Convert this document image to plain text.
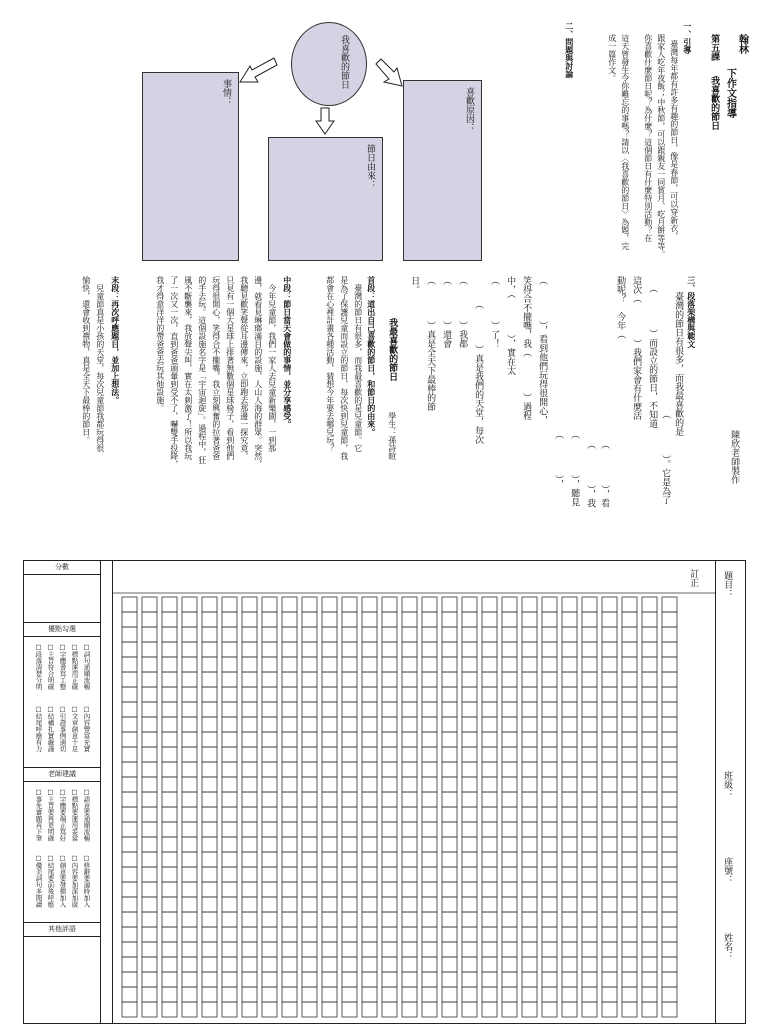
翰林
下作文指導
第五課
我喜歡的節日
一、引導
臺灣每年都有許多有趣的節日，像是春節，可以穿新衣，
跟家人吃年夜飯；中秋節，可以跟親友一同賞月、吃月餅等等。
你喜歡什麼節日呢？為什麼？這個節日有什麼特別活動？在
這天曾發生令你難忘的事嗎？請以〈我喜歡的節日〉為題，完
成一篇作文。
二、問題與討論
我喜歡的節日
事情：
節日由來：
喜歡原因：
三、段落架構與範文
臺灣的節日有很多，而我最喜歡的是
（　　　　）。它是為了
（　　　　）而設立的節日，不知道
這次（　　　　）我們家會有什麼活
動呢？　今年（
（　　　　），看
（　　　　），我
（　　　　），聽見
（　　　　），
（　　　　），看到他們玩得很開心，
笑得合不攏嘴，我（　　　　）過程
中，（　　　　），實在太
（　　　　）了！
（　　　　）真是我們的天堂，每次
（　　　　）我都
（　　　　）還會
（　　　　）真是全天下最棒的節
日。
我最喜歡的節日
學生：孫詩暄
首段：道出自己喜歡的節日，和節日的由來。
臺灣的節日有很多，而我最喜歡的是兒童節。它
是為了保護兒童而設立的節日，每次快到兒童節，我
都會在心裡計畫各種活動，猜想今年要去哪兒玩？
中段：節日當天會做的事情，並分享感受。
今年兒童節，我們一家人去兒童新樂園，一到那
邊，就看見琳瑯滿目的設施，人山人海的群眾。突然，
我聽見歡笑聲從耳邊傳來，立即跑去那邊一探究竟，
只見有一個大星球上排著無數個星球椅子，看到他們
玩得很開心，笑得合不攏嘴，我立刻興奮的拉著爸爸
的手去玩。這個設施名字是「宇宙迴旋」。過程中，狂
風不斷襲來，我放聲尖叫，實在太刺激了！所以我玩
了一次又一次，直到爸爸頭暈到受不了，嚇雙手投降，
我才得意洋洋的帶爸爸去玩其他設施。
末段：再次呼應題目，並加上想法。
兒童節真是小孩的天堂，每次兒童節我都玩得很
愉快，還會收到禮物，真是全天下最棒的節日。
陳欣老師製作
分數
優點勾選
□詞句通順流暢
□標點運用正確
□字體書寫工整
□主旨符合明確
□段落清楚分明
□內容豐富充實
□文章創意十足
□引證事例適切
□結構扎實嚴謹
□結尾呼應有力
老師建議
□語意要通順流暢
□標點要運用妥當
□字體要端正寫好
□主旨要再更明確
□事先審題再下筆
□修辭要適時加入
□內容要加深加廣
□創意要發揮加入
□結尾要前後呼應
□優美詞句多閱讀
其他評語
訂正	題目：
班級：
座號：
姓名：
